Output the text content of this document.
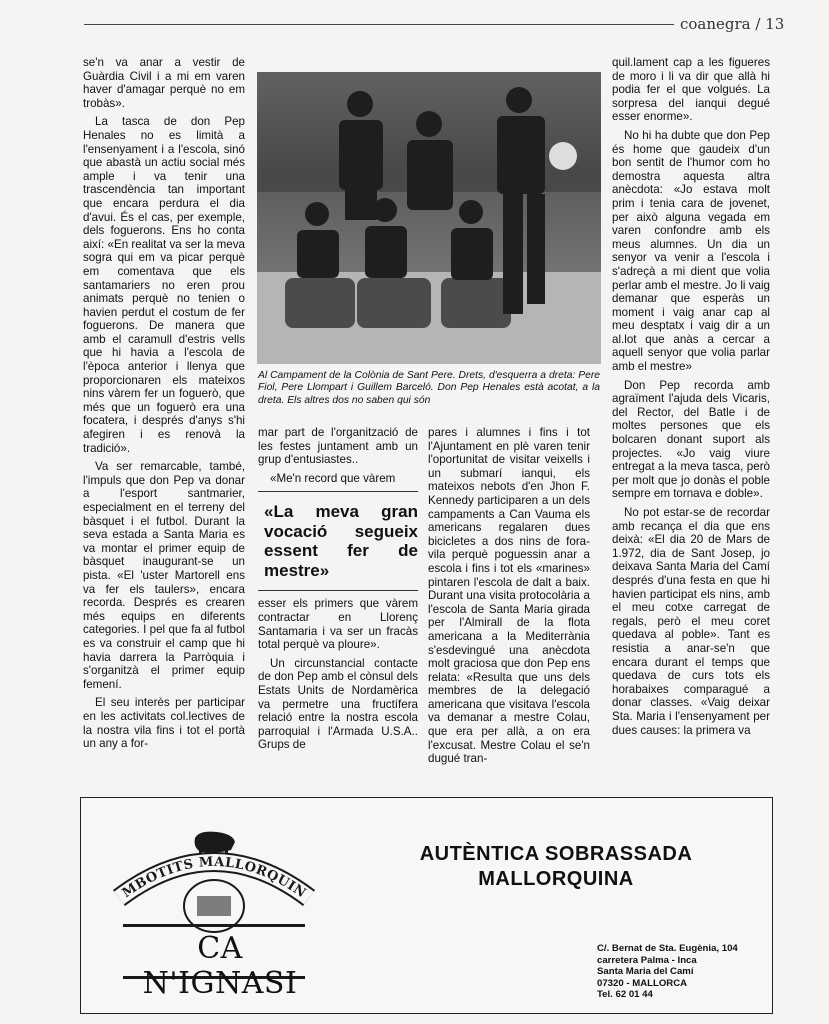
coanegra / 13

se'n va anar a vestir de Guàrdia Civil i a mi em varen haver d'amagar perquè no em trobàs».

La tasca de don Pep Henales no es limità a l'ensenyament i a l'escola, sinó que abastà un actiu social més ample i va tenir una trascendència tan important que encara perdura el dia d'avui. És el cas, per exemple, dels foguerons. Ens ho conta així: «En realitat va ser la meva sogra qui em va picar perquè em comentava que els santamariers no eren prou animats perquè no tenien o havien perdut el costum de fer foguerons. De manera que amb el caramull d'estris vells que hi havia a l'escola de l'època anterior i llenya que proporcionaren els mateixos nins vàrem fer un foguerò, que més que un foguerò era una focatera, i després d'anys s'hi afegiren i es renovà la tradició».

Va ser remarcable, també, l'impuls que don Pep va donar a l'esport santmarier, especialment en el terreny del bàsquet i el futbol. Durant la seva estada a Santa Maria es va montar el primer equip de bàsquet inaugurant-se un pista. «El 'uster Martorell ens va fer els taulers», encara recorda. Després es crearen més equips en diferents categories. I pel que fa al futbol es va construir el camp que hi havia darrera la Parròquia i s'organitzà el primer equip femení.

El seu interès per participar en les activitats col.lectives de la nostra vila fins i tot el portà un any a for-

Al Campament de la Colònia de Sant Pere. Drets, d'esquerra a dreta: Pere Fiol, Pere Llompart i Guillem Barceló. Don Pep Henales està acotat, a la dreta. Els altres dos no saben qui són

mar part de l'organització de les festes juntament amb un grup d'entusiastes..

«Me'n record que vàrem

«La meva gran vocació segueix essent fer de mestre»

esser els primers que vàrem contractar en Llorenç Santamaria i va ser un fracàs total perquè va ploure».

Un circunstancial contacte de don Pep amb el cònsul dels Estats Units de Nordamèrica va permetre una fructífera relació entre la nostra escola parroquial i l'Armada U.S.A.. Grups de

pares i alumnes i fins i tot l'Ajuntament en plè varen tenir l'oportunitat de visitar veixells i un submarí ianqui, els mateixos nebots d'en Jhon F. Kennedy participaren a un dels campaments a Can Vauma els americans regalaren dues bicicletes a dos nins de fora-vila perquè poguessin anar a escola i fins i tot els «marines» pintaren l'escola de dalt a baix. Durant una visita protocolària a l'escola de Santa Maria girada per l'Almirall de la flota americana a la Mediterrània s'esdevingué una anècdota molt graciosa que don Pep ens relata: «Resulta que uns dels membres de la delegació americana que visitava l'escola va demanar a mestre Colau, que era per allà, a on era l'excusat. Mestre Colau el se'n dugué tran-

quil.lament cap a les figueres de moro i li va dir que allà hi podia fer el que volgués. La sorpresa del ianqui degué esser enorme».

No hi ha dubte que don Pep és home que gaudeix d'un bon sentit de l'humor com ho demostra aquesta altra anècdota: «Jo estava molt prim i tenia cara de jovenet, per això alguna vegada em varen confondre amb els meus alumnes. Un dia un senyor va venir a l'escola i s'adreçà a mi dient que volia perlar amb el mestre. Jo li vaig demanar que esperàs un moment i vaig anar cap al meu desptatx i vaig dir a un al.lot que anàs a cercar a aquell senyor que volia parlar amb el mestre»

Don Pep recorda amb agraïment l'ajuda dels Vicaris, del Rector, del Batle i de moltes persones que els bolcaren donant suport als projectes. «Jo vaig viure entregat a la meva tasca, però per molt que jo donàs el poble sempre em tornava e doble».

No pot estar-se de recordar amb recança el dia que ens deixà: «El dia 20 de Mars de 1.972, dia de Sant Josep, jo deixava Santa Maria del Camí després d'una festa en que hi havien participat els nins, amb el meu cotxe carregat de regals, però el meu coret quedava al poble». Tant es resistia a anar-se'n que encara durant el temps que quedava de curs tots els horabaixes comparagué a donar classes. «Vaig deixar Sta. Maria i l'ensenyament per dues causes: la primera va

MBOTITS MALLORQUIN
CA N'IGNASI
AUTÈNTICA SOBRASSADA
MALLORQUINA
C/. Bernat de Sta. Eugènia, 104
carretera Palma - Inca
Santa Maria del Camí
07320 - MALLORCA
Tel. 62 01 44
